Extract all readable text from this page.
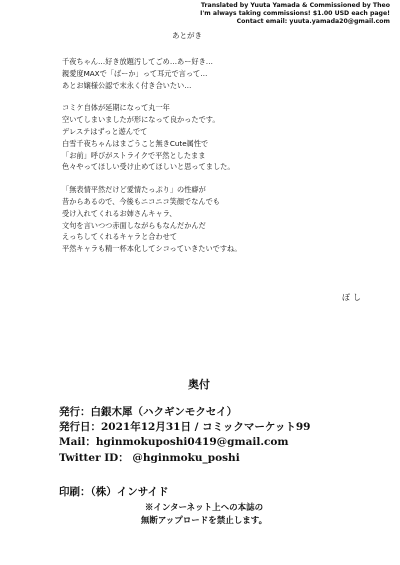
Translated by Yuuta Yamada & Commissioned by Theo
I'm always taking commissions! $1.00 USD each page!
Contact email: yuuta.yamada20@gmail.com
あとがき

千夜ちゃん…好き放題汚してごめ…あー好き…
親愛度MAXで「ばーか」って耳元で言って…
あとお嬢様公認で末永く付き合いたい…

コミケ自体が延期になって丸一年
空いてしまいましたが形になって良かったです。
デレステはずっと遊んでて
白雪千夜ちゃんはまごうこと無きCute属性で
「お前」呼びがストライクで平然としたまま
色々やってほしい受け止めてほしいと思ってました。

「無表情平然だけど愛情たっぷり」の性癖が
昔からあるので、今後もニコニコ笑顔でなんでも
受け入れてくれるお姉さんキャラ、
文句を言いつつ赤面しながらもなんだかんだ
えっちしてくれるキャラと合わせて
平然キャラも精一杯本化してシコっていきたいですね。

ぽし
奥付
発行：白銀木犀（ハクギンモクセイ）
発行日：2021年12月31日 / コミックマーケット99
Mail：hginmokuposhi0419@gmail.com
Twitter ID： @hginmoku_poshi
印刷：（株）インサイド
※インターネット上への本誌の
無断アップロードを禁止します。
